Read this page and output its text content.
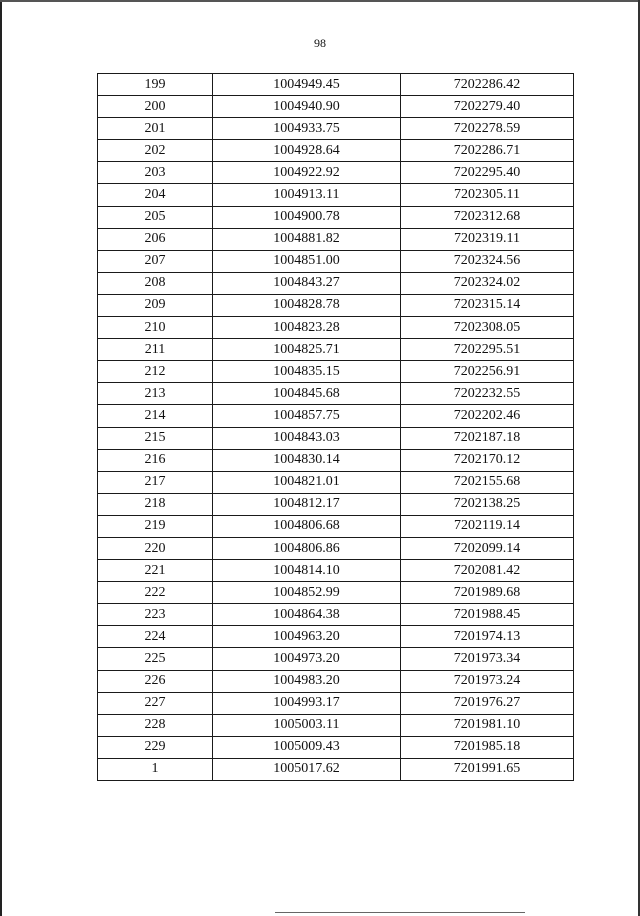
98
199	1004949.45	7202286.42
200	1004940.90	7202279.40
201	1004933.75	7202278.59
202	1004928.64	7202286.71
203	1004922.92	7202295.40
204	1004913.11	7202305.11
205	1004900.78	7202312.68
206	1004881.82	7202319.11
207	1004851.00	7202324.56
208	1004843.27	7202324.02
209	1004828.78	7202315.14
210	1004823.28	7202308.05
211	1004825.71	7202295.51
212	1004835.15	7202256.91
213	1004845.68	7202232.55
214	1004857.75	7202202.46
215	1004843.03	7202187.18
216	1004830.14	7202170.12
217	1004821.01	7202155.68
218	1004812.17	7202138.25
219	1004806.68	7202119.14
220	1004806.86	7202099.14
221	1004814.10	7202081.42
222	1004852.99	7201989.68
223	1004864.38	7201988.45
224	1004963.20	7201974.13
225	1004973.20	7201973.34
226	1004983.20	7201973.24
227	1004993.17	7201976.27
228	1005003.11	7201981.10
229	1005009.43	7201985.18
1	1005017.62	7201991.65
